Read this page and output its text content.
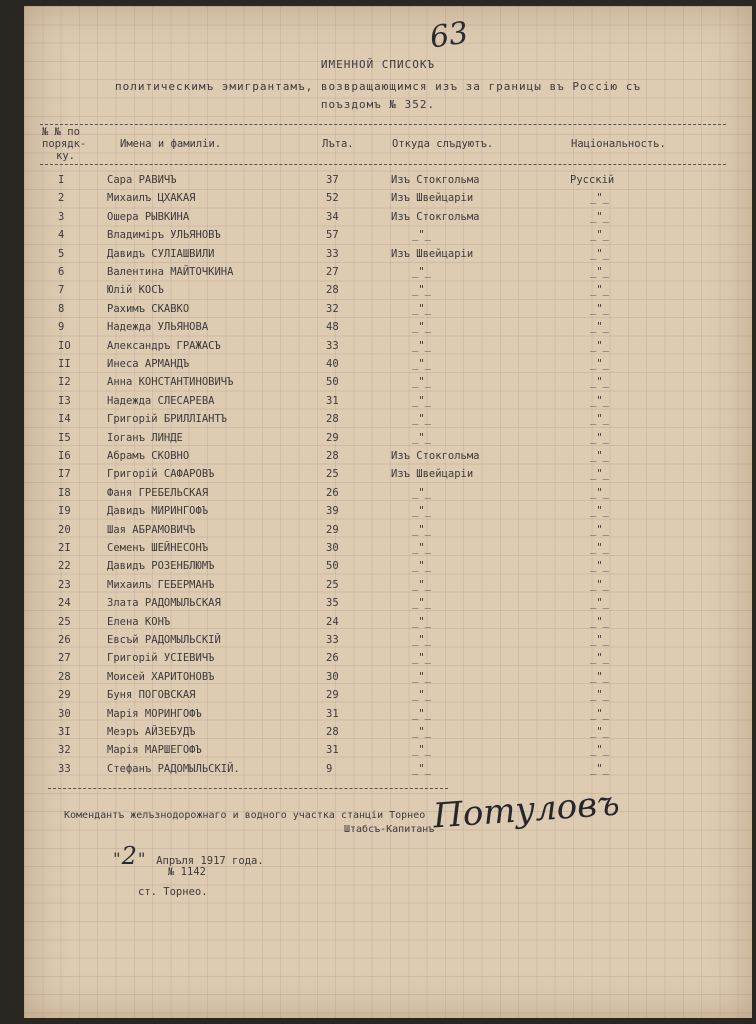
63
ИМЕННОЙ СПИСОКЪ
политическимъ эмигрантамъ, возвращающимся изъ за границы въ Россію съ
поъздомъ № 352.
№ № по
порядк-
ку.
Имена и фамиліи.	Лъта.	Откуда слъдуютъ.	Національность.
I	Сара РАВИЧЪ	37	Изъ Стокгольма	Русскій
2	Михаилъ ЦХАКАЯ	52	Изъ Швейцаріи	_"_
3	Ошера РЫВКИНА	34	Изъ Стокгольма	_"_
4	Владиміръ УЛЬЯНОВЪ	57	_"_	_"_
5	Давидъ СУЛІАШВИЛИ	33	Изъ Швейцаріи	_"_
6	Валентина МАЙТОЧКИНА	27	_"_	_"_
7	Юлій КОСЪ	28	_"_	_"_
8	Рахимъ СКАВКО	32	_"_	_"_
9	Надежда УЛЬЯНОВА	48	_"_	_"_
IO	Александръ ГРАЖАСЪ	33	_"_	_"_
II	Инеса АРМАНДЪ	40	_"_	_"_
I2	Анна КОНСТАНТИНОВИЧЪ	50	_"_	_"_
I3	Надежда СЛЕСАРЕВА	31	_"_	_"_
I4	Григорій БРИЛЛІАНТЪ	28	_"_	_"_
I5	Іоганъ ЛИНДЕ	29	_"_	_"_
I6	Абрамъ СКОВНО	28	Изъ Стокгольма	_"_
I7	Григорій САФАРОВЪ	25	Изъ Швейцаріи	_"_
I8	Фаня ГРЕБЕЛЬСКАЯ	26	_"_	_"_
I9	Давидъ МИРИНГОФЪ	39	_"_	_"_
20	Шая АБРАМОВИЧЪ	29	_"_	_"_
2I	Семенъ ШЕЙНЕСОНЪ	30	_"_	_"_
22	Давидъ РОЗЕНБЛЮМЪ	50	_"_	_"_
23	Михаилъ ГЕБЕРМАНЪ	25	_"_	_"_
24	Злата РАДОМЫЛЬСКАЯ	35	_"_	_"_
25	Елена КОНЪ	24	_"_	_"_
26	Евсъй РАДОМЫЛЬСКІЙ	33	_"_	_"_
27	Григорій УСІЕВИЧЪ	26	_"_	_"_
28	Моисей ХАРИТОНОВЪ	30	_"_	_"_
29	Буня ПОГОВСКАЯ	29	_"_	_"_
30	Марія МОРИНГОФЪ	31	_"_	_"_
3I	Меэръ АЙЗЕБУДЪ	28	_"_	_"_
32	Марія МАРШЕГОФЪ	31	_"_	_"_
33	Стефанъ РАДОМЫЛЬСКІЙ.	9	_"_	_"_
Комендантъ желъзнодорожнаго и водного участка станціи Торнео
Штабсъ-Капитанъ
Потуловъ
"2" Апръля 1917 года.
№ 1142
ст. Торнео.
